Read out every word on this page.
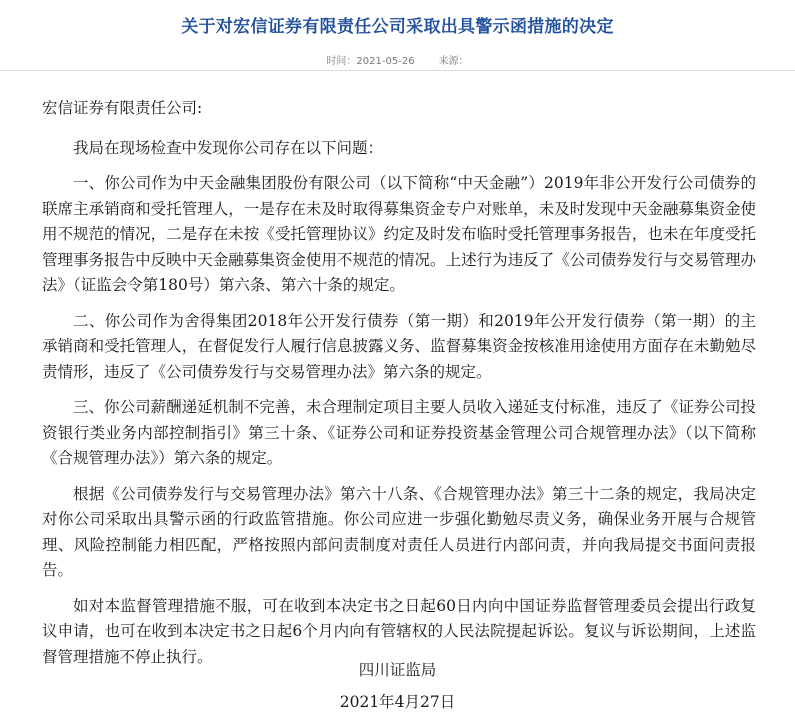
关于对宏信证券有限责任公司采取出具警示函措施的决定
时间：2021-05-26 来源：

宏信证券有限责任公司:

我局在现场检查中发现你公司存在以下问题：

一、你公司作为中天金融集团股份有限公司（以下简称“中天金融”）2019年非公开发行公司债券的联席主承销商和受托管理人，一是存在未及时取得募集资金专户对账单，未及时发现中天金融募集资金使用不规范的情况，二是存在未按《受托管理协议》约定及时发布临时受托管理事务报告，也未在年度受托管理事务报告中反映中天金融募集资金使用不规范的情况。上述行为违反了《公司债券发行与交易管理办法》（证监会令第180号）第六条、第六十条的规定。

二、你公司作为舍得集团2018年公开发行债券（第一期）和2019年公开发行债券（第一期）的主承销商和受托管理人，在督促发行人履行信息披露义务、监督募集资金按核准用途使用方面存在未勤勉尽责情形，违反了《公司债券发行与交易管理办法》第六条的规定。

三、你公司薪酬递延机制不完善，未合理制定项目主要人员收入递延支付标准，违反了《证券公司投资银行类业务内部控制指引》第三十条、《证券公司和证券投资基金管理公司合规管理办法》（以下简称《合规管理办法》）第六条的规定。

根据《公司债券发行与交易管理办法》第六十八条、《合规管理办法》第三十二条的规定，我局决定对你公司采取出具警示函的行政监管措施。你公司应进一步强化勤勉尽责义务，确保业务开展与合规管理、风险控制能力相匹配，严格按照内部问责制度对责任人员进行内部问责，并向我局提交书面问责报告。

如对本监督管理措施不服，可在收到本决定书之日起60日内向中国证券监督管理委员会提出行政复议申请，也可在收到本决定书之日起6个月内向有管辖权的人民法院提起诉讼。复议与诉讼期间，上述监督管理措施不停止执行。

四川证监局
2021年4月27日
